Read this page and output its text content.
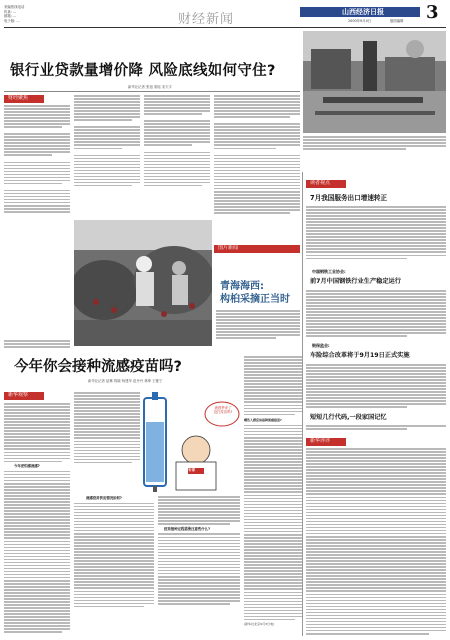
采编热线电话
传真: ...
邮箱: ...
电子版: ...	财经新闻	山西经济日报 3
2000年9月4日	版面编辑
银行业贷款量增价降 风险底线如何守住?
新华社记者 张旭 梁瑶 宋天宇
财经聚焦
图片新闻
青海海西:
构桕采摘正当时
今年你会接种流感疫苗吗?
新华社记者 赵琳 郭晓 杨建华 赵丹丹 林坤 王雅宁
新华观察
今年更怕感流感?
流感季来了
没打疫苗吗?
专家
流感疫苗供应情况如何?
疫苗接种过程需要注意些什么?
哪些人群应该接种流感疫苗?
(新华社北京9月3日电)
读者视点
7月我国服务出口增速转正
中国钢铁工业协会:
前7月中国钢铁行业生产稳定运行
银保监会:
车险综合改革将于9月19日正式实施
短短几行代码,一段家国记忆
新华评评
